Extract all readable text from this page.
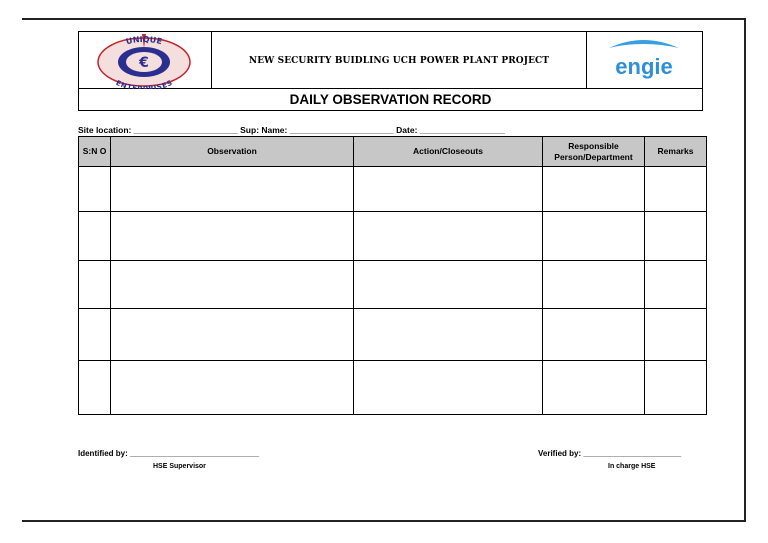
€
UNIQUE
ENTERPRISES
NEW SECURITY BUIDLING UCH POWER PLANT PROJECT	engie
DAILY OBSERVATION RECORD
Site location: ______________________ Sup: Name: ______________________ Date: __________________
S:N O	Observation	Action/Closeouts	Responsible Person/Department	Remarks

Identified by: _____________________________
HSE Supervisor
Verified by: ______________________
In charge HSE
